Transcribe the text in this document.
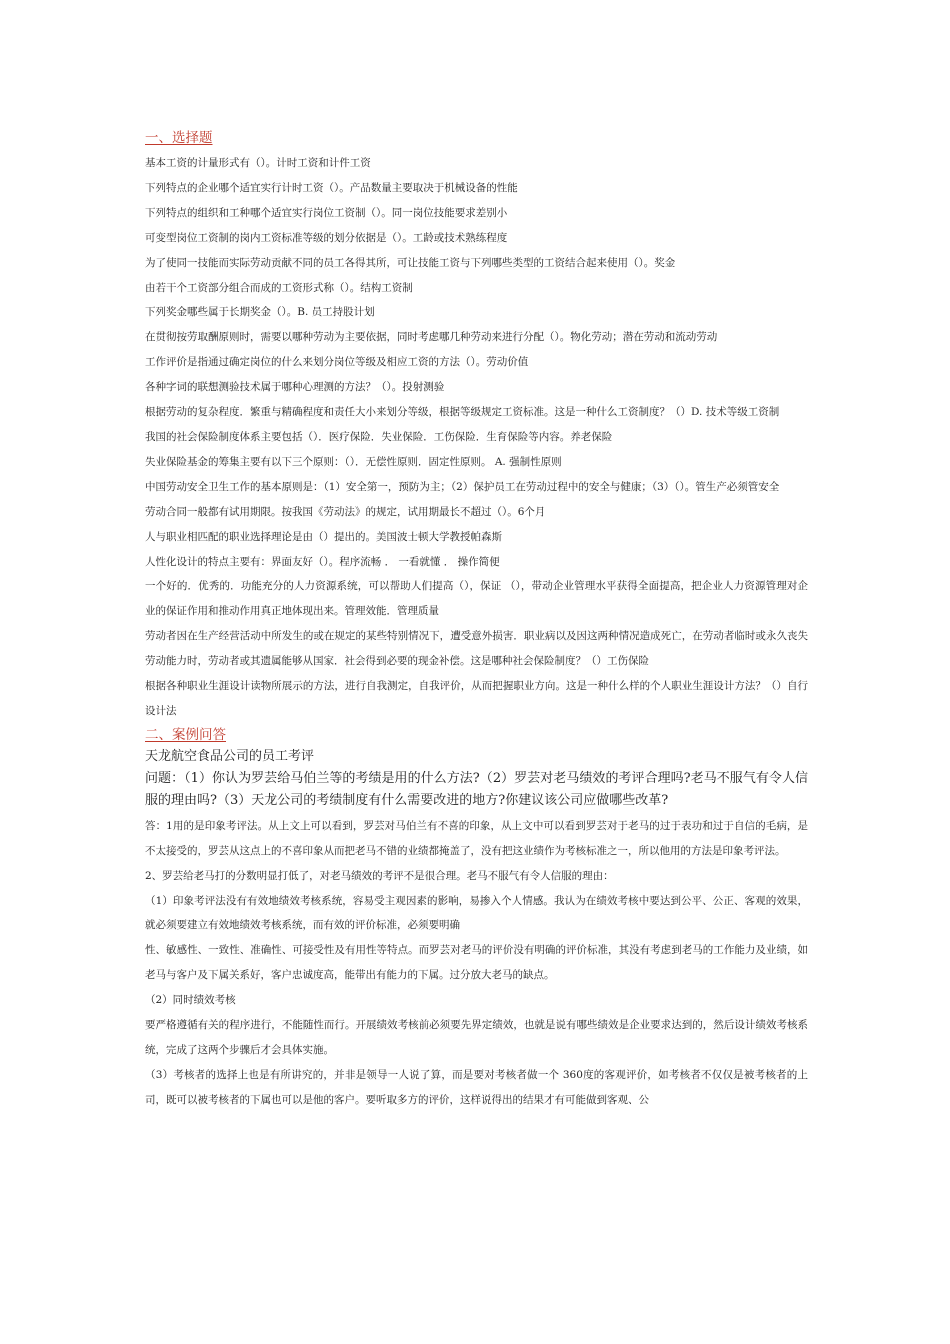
一、选择题

基本工资的计量形式有（）。计时工资和计件工资

下列特点的企业哪个适宜实行计时工资（）。产品数量主要取决于机械设备的性能

下列特点的组织和工种哪个适宜实行岗位工资制（）。同一岗位技能要求差别小

可变型岗位工资制的岗内工资标准等级的划分依据是（）。工龄或技术熟练程度

为了使同一技能而实际劳动贡献不同的员工各得其所，可让技能工资与下列哪些类型的工资结合起来使用（）。奖金

由若干个工资部分组合而成的工资形式称（）。结构工资制

下列奖金哪些属于长期奖金（）。B. 员工持股计划

在贯彻按劳取酬原则时，需要以哪种劳动为主要依据，同时考虑哪几种劳动来进行分配（）。物化劳动；潜在劳动和流动劳动

工作评价是指通过确定岗位的什么来划分岗位等级及相应工资的方法（）。劳动价值

各种字词的联想测验技术属于哪种心理测的方法？（）。投射测验

根据劳动的复杂程度．繁重与精确程度和责任大小来划分等级，根据等级规定工资标准。这是一种什么工资制度？（）D. 技术等级工资制

我国的社会保险制度体系主要包括（）．医疗保险．失业保险．工伤保险．生育保险等内容。养老保险

失业保险基金的筹集主要有以下三个原则：（）．无偿性原则．固定性原则。 A. 强制性原则

中国劳动安全卫生工作的基本原则是：（1）安全第一，预防为主；（2）保护员工在劳动过程中的安全与健康；（3）（）。管生产必须管安全

劳动合同一般都有试用期限。按我国《劳动法》的规定，试用期最长不超过（）。6个月

人与职业相匹配的职业选择理论是由（）提出的。美国波士顿大学教授帕森斯

人性化设计的特点主要有：界面友好（）。程序流畅 ． 一看就懂 ． 操作简便

一个好的．优秀的．功能充分的人力资源系统，可以帮助人们提高（），保证 （），带动企业管理水平获得全面提高，把企业人力资源管理对企业的保证作用和推动作用真正地体现出来。管理效能．管理质量

劳动者因在生产经营活动中所发生的或在规定的某些特别情况下，遭受意外损害．职业病以及因这两种情况造成死亡，在劳动者临时或永久丧失劳动能力时，劳动者或其遗属能够从国家．社会得到必要的现金补偿。这是哪种社会保险制度？（）工伤保险

根据各种职业生涯设计读物所展示的方法，进行自我测定，自我评价，从而把握职业方向。这是一种什么样的个人职业生涯设计方法？（）自行设计法

二、案例问答

天龙航空食品公司的员工考评

问题：（1）你认为罗芸给马伯兰等的考绩是用的什么方法?（2）罗芸对老马绩效的考评合理吗?老马不服气有令人信服的理由吗?（3）天龙公司的考绩制度有什么需要改进的地方?你建议该公司应做哪些改革?

答：1用的是印象考评法。从上文上可以看到，罗芸对马伯兰有不喜的印象，从上文中可以看到罗芸对于老马的过于表功和过于自信的毛病，是不太接受的，罗芸从这点上的不喜印象从而把老马不错的业绩都掩盖了，没有把这业绩作为考核标准之一，所以他用的方法是印象考评法。

2、罗芸给老马打的分数明显打低了，对老马绩效的考评不是很合理。老马不服气有令人信服的理由：

（1）印象考评法没有有效地绩效考核系统，容易受主观因素的影响，易掺入个人情感。我认为在绩效考核中要达到公平、公正、客观的效果，就必须要建立有效地绩效考核系统，而有效的评价标准，必须要明确

性、敏感性、一致性、准确性、可接受性及有用性等特点。而罗芸对老马的评价没有明确的评价标准，其没有考虑到老马的工作能力及业绩，如老马与客户及下属关系好，客户忠诚度高，能带出有能力的下属。过分放大老马的缺点。

（2）同时绩效考核

要严格遵循有关的程序进行，不能随性而行。开展绩效考核前必须要先界定绩效，也就是说有哪些绩效是企业要求达到的，然后设计绩效考核系统，完成了这两个步骤后才会具体实施。

（3）考核者的选择上也是有所讲究的，并非是领导一人说了算，而是要对考核者做一个 360度的客观评价，如考核者不仅仅是被考核者的上司，既可以被考核者的下属也可以是他的客户。要听取多方的评价，这样说得出的结果才有可能做到客观、公
